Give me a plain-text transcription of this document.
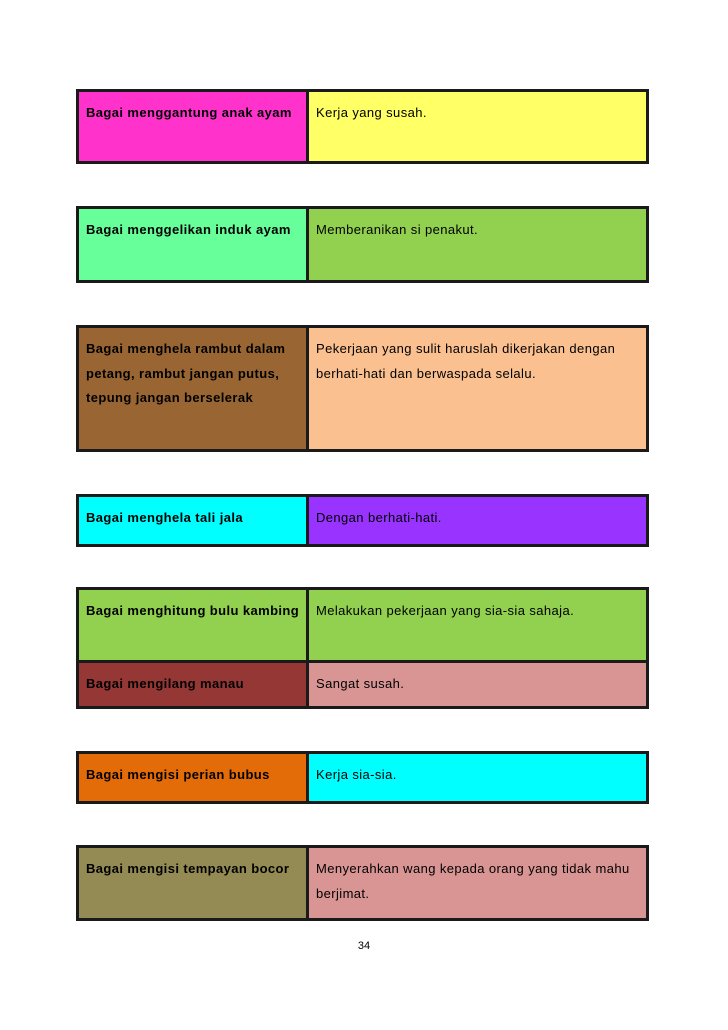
Bagai menggantung anak ayam	Kerja yang susah.
Bagai menggelikan induk ayam	Memberanikan si penakut.
Bagai menghela rambut dalam petang, rambut jangan putus, tepung jangan berselerak	Pekerjaan yang sulit haruslah dikerjakan dengan berhati-hati dan berwaspada selalu.
Bagai menghela tali jala	Dengan berhati-hati.
Bagai menghitung bulu kambing	Melakukan pekerjaan yang sia-sia sahaja.
Bagai mengilang manau	Sangat susah.
Bagai mengisi perian bubus	Kerja sia-sia.
Bagai mengisi tempayan bocor	Menyerahkan wang kepada orang yang tidak mahu berjimat.
34
